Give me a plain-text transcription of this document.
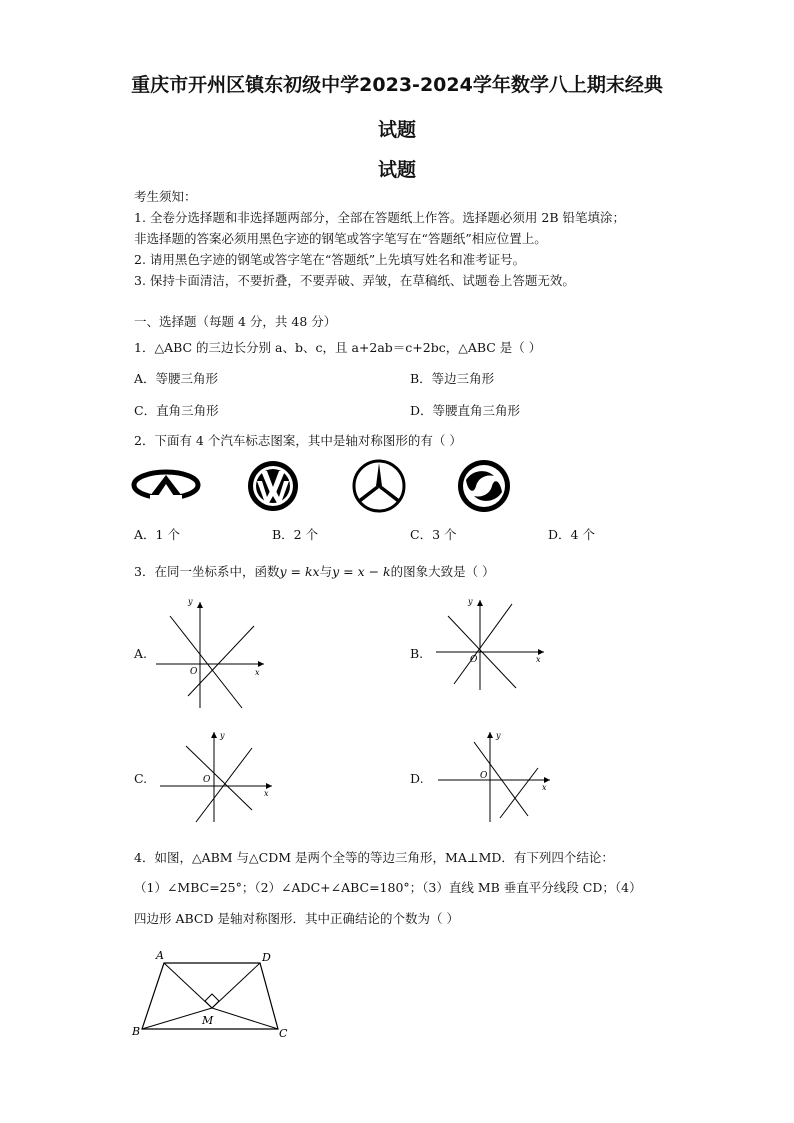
重庆市开州区镇东初级中学2023-2024学年数学八上期末经典
试题
试题
考生须知：
1. 全卷分选择题和非选择题两部分，全部在答题纸上作答。选择题必须用 2B 铅笔填涂；
非选择题的答案必须用黑色字迹的钢笔或答字笔写在“答题纸”相应位置上。
2. 请用黑色字迹的钢笔或答字笔在“答题纸”上先填写姓名和准考证号。
3. 保持卡面清洁，不要折叠，不要弄破、弄皱，在草稿纸、试题卷上答题无效。
一、选择题（每题 4 分，共 48 分）
1．△ABC 的三边长分别 a、b、c，且 a+2ab＝c+2bc，△ABC 是（ ）
A．等腰三角形	B．等边三角形
C．直角三角形	D．等腰直角三角形
2．下面有 4 个汽车标志图案，其中是轴对称图形的有（ ）
A．1 个	B．2 个	C．3 个	D．4 个
3．在同一坐标系中，函数y = kx与y = x − k的图象大致是（ ）
A.
y
x
O
B.
y
x
O
C.
y
x
O	D.
y
x
O
4．如图，△ABM 与△CDM 是两个全等的等边三角形，MA⊥MD．有下列四个结论：
（1）∠MBC=25°；（2）∠ADC+∠ABC=180°；（3）直线 MB 垂直平分线段 CD；（4）
四边形 ABCD 是轴对称图形．其中正确结论的个数为（ ）
A	D
B	C
M
